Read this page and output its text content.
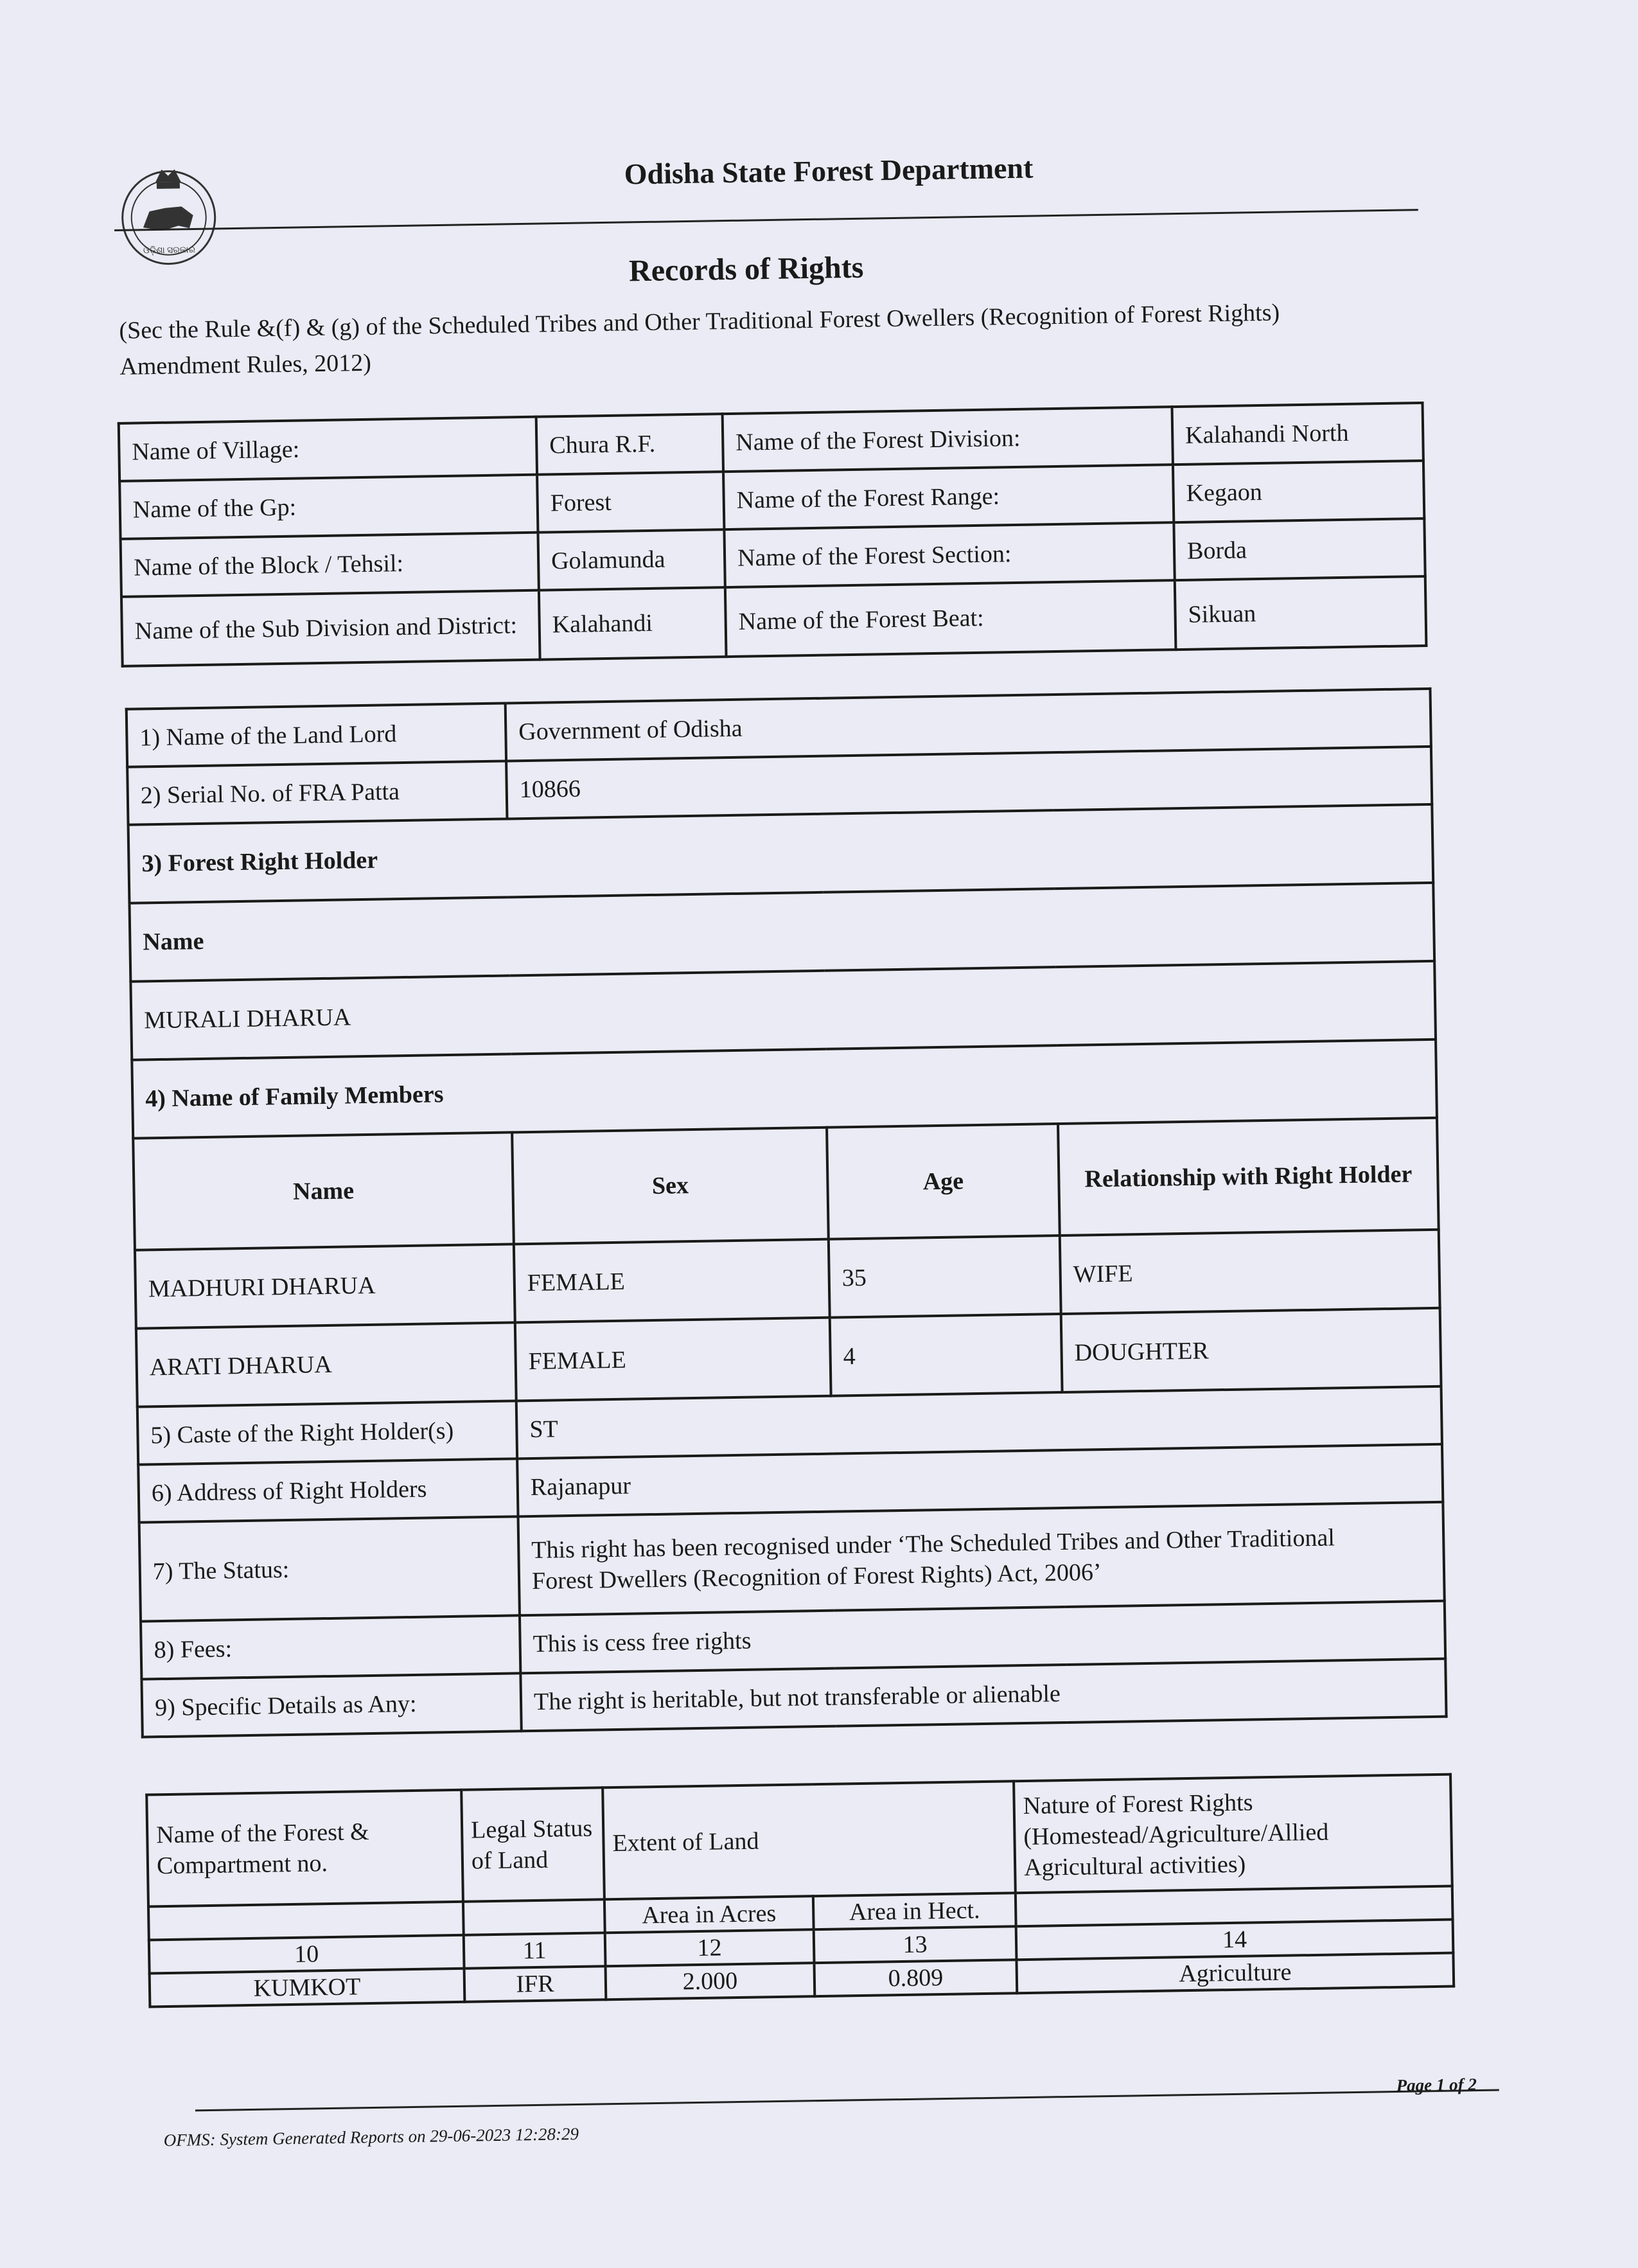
ଓଡ଼ିଶା ସରକାର
Odisha State Forest Department
Records of Rights
(Sec the Rule &(f) & (g) of the Scheduled Tribes and Other Traditional Forest Owellers (Recognition of Forest Rights) Amendment Rules, 2012)
Name of Village:	Chura R.F.	Name of the Forest Division:	Kalahandi North
Name of the Gp:	Forest	Name of the Forest Range:	Kegaon
Name of the Block / Tehsil:	Golamunda	Name of the Forest Section:	Borda
Name of the Sub Division and District:	Kalahandi	Name of the Forest Beat:	Sikuan
1) Name of the Land Lord	Government of Odisha		
2) Serial No. of FRA Patta	10866		
3) Forest Right Holder			
Name			
MURALI DHARUA			
4) Name of Family Members			
Name	Sex	Age	Relationship with Right Holder
MADHURI DHARUA	FEMALE	35	WIFE
ARATI DHARUA	FEMALE	4	DOUGHTER
5) Caste of the Right Holder(s)	ST		
6) Address of Right Holders	Rajanapur		
7) The Status:	This right has been recognised under ‘The Scheduled Tribes and Other Traditional
Forest Dwellers (Recognition of Forest Rights) Act, 2006’		

8) Fees:	This is cess free rights		
9) Specific Details as Any:	The right is heritable, but not transferable or alienable		
Name of the Forest & Compartment no.	Legal Status of Land	Extent of Land		Nature of Forest Rights (Homestead/Agriculture/Allied Agricultural activities)
		Area in Acres	Area in Hect.	
10	11	12	13	14
KUMKOT	IFR	2.000	0.809	Agriculture
Page 1 of 2
OFMS: System Generated Reports on 29-06-2023 12:28:29
